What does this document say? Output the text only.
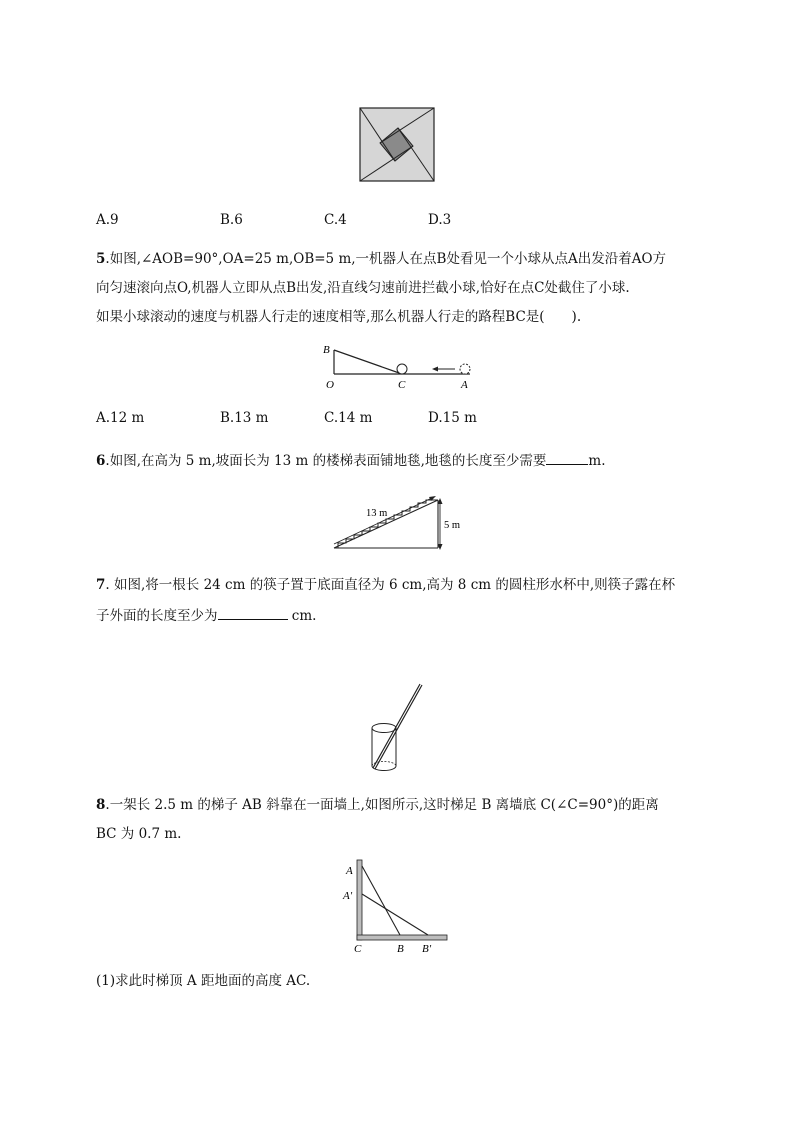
A.9	B.6	C.4	D.3
5.如图,∠AOB=90°,OA=25 m,OB=5 m,一机器人在点B处看见一个小球从点A出发沿着AO方
向匀速滚向点O,机器人立即从点B出发,沿直线匀速前进拦截小球,恰好在点C处截住了小球.
如果小球滚动的速度与机器人行走的速度相等,那么机器人行走的路程BC是(　　).
B
O	C	A
A.12 m	B.13 m	C.14 m	D.15 m
6.如图,在高为 5 m,坡面长为 13 m 的楼梯表面铺地毯,地毯的长度至少需要	m.
13 m
5 m
7. 如图,将一根长 24 cm 的筷子置于底面直径为 6 cm,高为 8 cm 的圆柱形水杯中,则筷子露在杯
子外面的长度至少为	cm.
8.一架长 2.5 m 的梯子 AB 斜靠在一面墙上,如图所示,这时梯足 B 离墙底 C(∠C=90°)的距离
BC 为 0.7 m.
A
A′
C	B B′
(1)求此时梯顶 A 距地面的高度 AC.
